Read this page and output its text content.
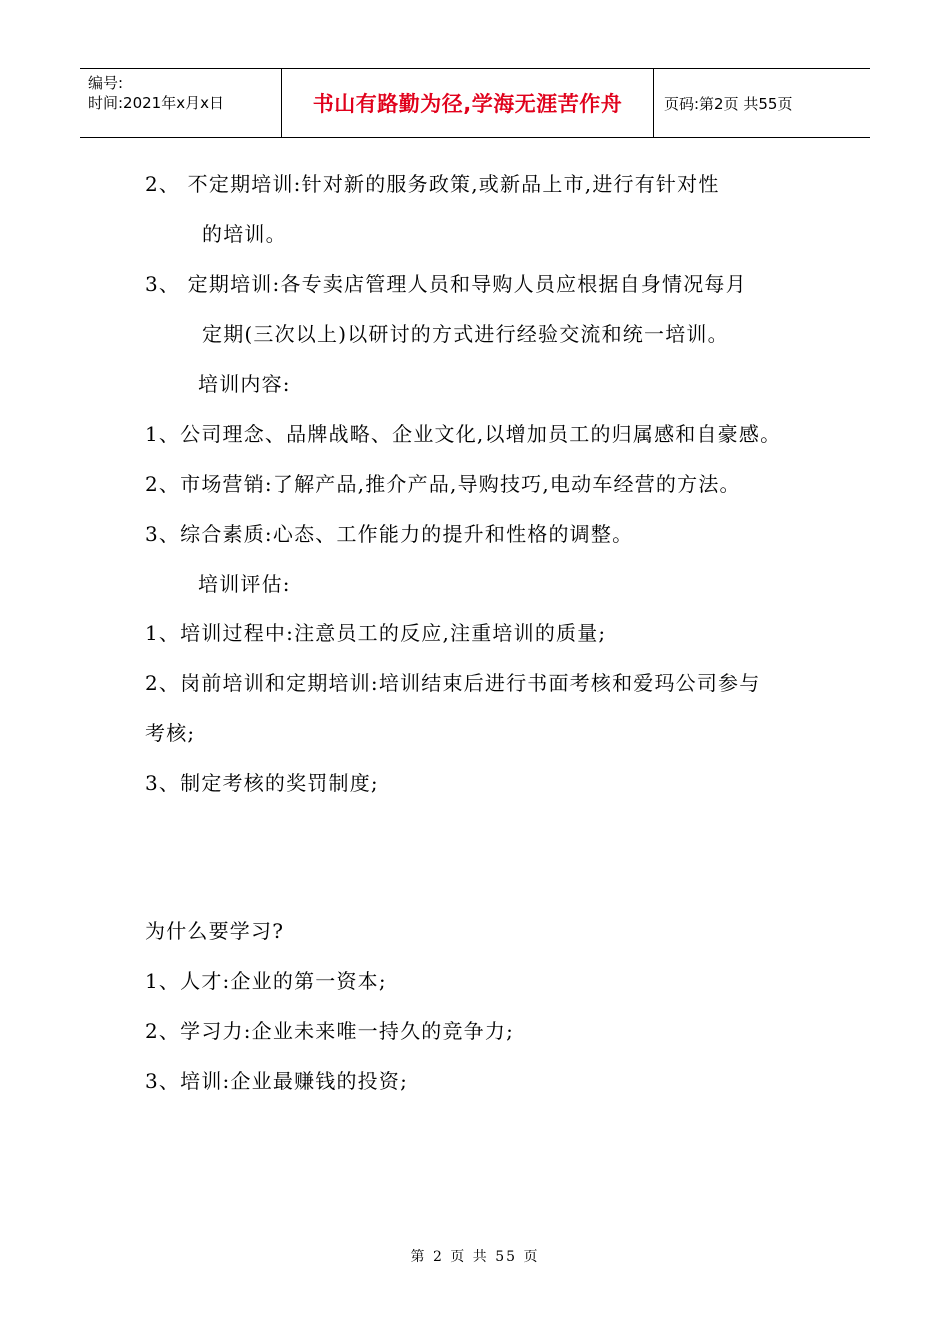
编号:
时间:2021年x月x日	书山有路勤为径,学海无涯苦作舟	页码:第2页 共55页
2、 不定期培训:针对新的服务政策,或新品上市,进行有针对性
的培训。
3、 定期培训:各专卖店管理人员和导购人员应根据自身情况每月
定期(三次以上)以研讨的方式进行经验交流和统一培训。
培训内容:
1、公司理念、品牌战略、企业文化,以增加员工的归属感和自豪感。
2、市场营销:了解产品,推介产品,导购技巧,电动车经营的方法。
3、综合素质:心态、工作能力的提升和性格的调整。
培训评估:
1、培训过程中:注意员工的反应,注重培训的质量;
2、岗前培训和定期培训:培训结束后进行书面考核和爱玛公司参与
考核;
3、制定考核的奖罚制度;
为什么要学习?
1、人才:企业的第一资本;
2、学习力:企业未来唯一持久的竞争力;
3、培训:企业最赚钱的投资;
第 2 页 共 55 页
